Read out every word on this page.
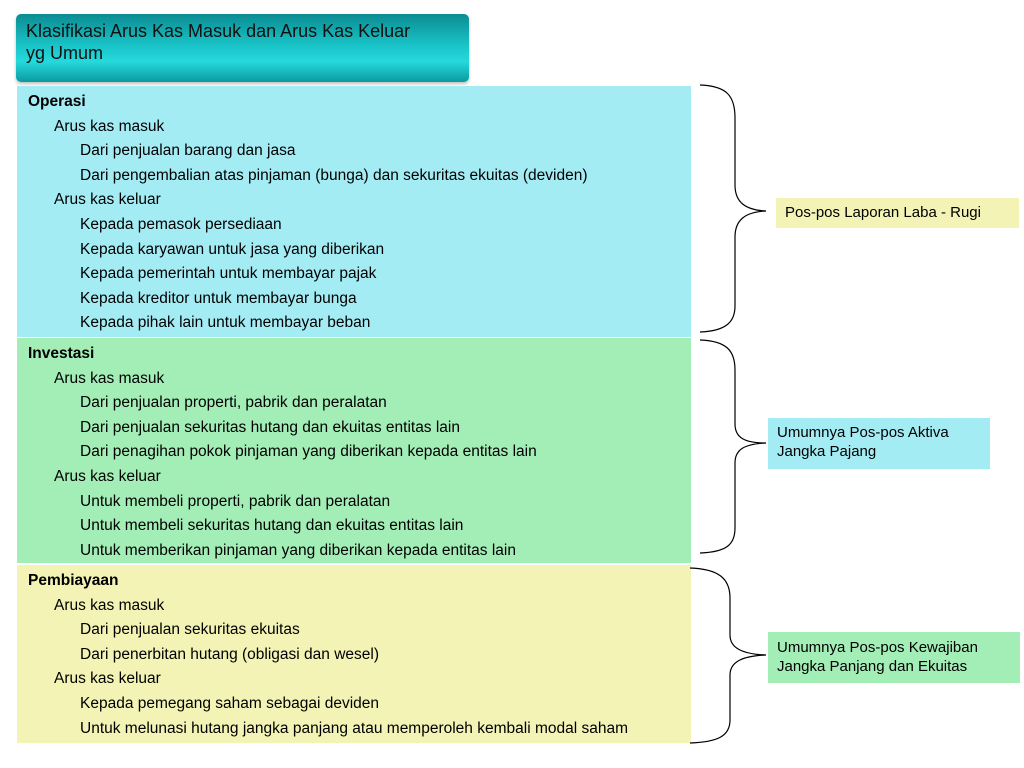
Klasifikasi Arus Kas Masuk dan Arus Kas Keluar
yg Umum
Operasi
Arus kas masuk
Dari penjualan barang dan jasa
Dari pengembalian atas pinjaman (bunga) dan sekuritas ekuitas (deviden)
Arus kas keluar
Kepada pemasok persediaan
Kepada karyawan untuk jasa yang diberikan
Kepada pemerintah untuk membayar pajak
Kepada kreditor untuk membayar bunga
Kepada pihak lain untuk membayar beban
Investasi
Arus kas masuk
Dari penjualan properti, pabrik dan peralatan
Dari penjualan sekuritas hutang dan ekuitas entitas lain
Dari penagihan pokok pinjaman yang diberikan kepada entitas lain
Arus kas keluar
Untuk membeli properti, pabrik dan peralatan
Untuk membeli sekuritas hutang dan ekuitas entitas lain
Untuk memberikan pinjaman yang diberikan kepada entitas lain
Pembiayaan
Arus kas masuk
Dari penjualan sekuritas ekuitas
Dari penerbitan hutang (obligasi dan wesel)
Arus kas keluar
Kepada pemegang saham sebagai deviden
Untuk melunasi hutang jangka panjang atau memperoleh kembali modal saham
Pos-pos Laporan Laba - Rugi
Umumnya Pos-pos Aktiva
Jangka Pajang
Umumnya Pos-pos Kewajiban
Jangka Panjang dan Ekuitas
